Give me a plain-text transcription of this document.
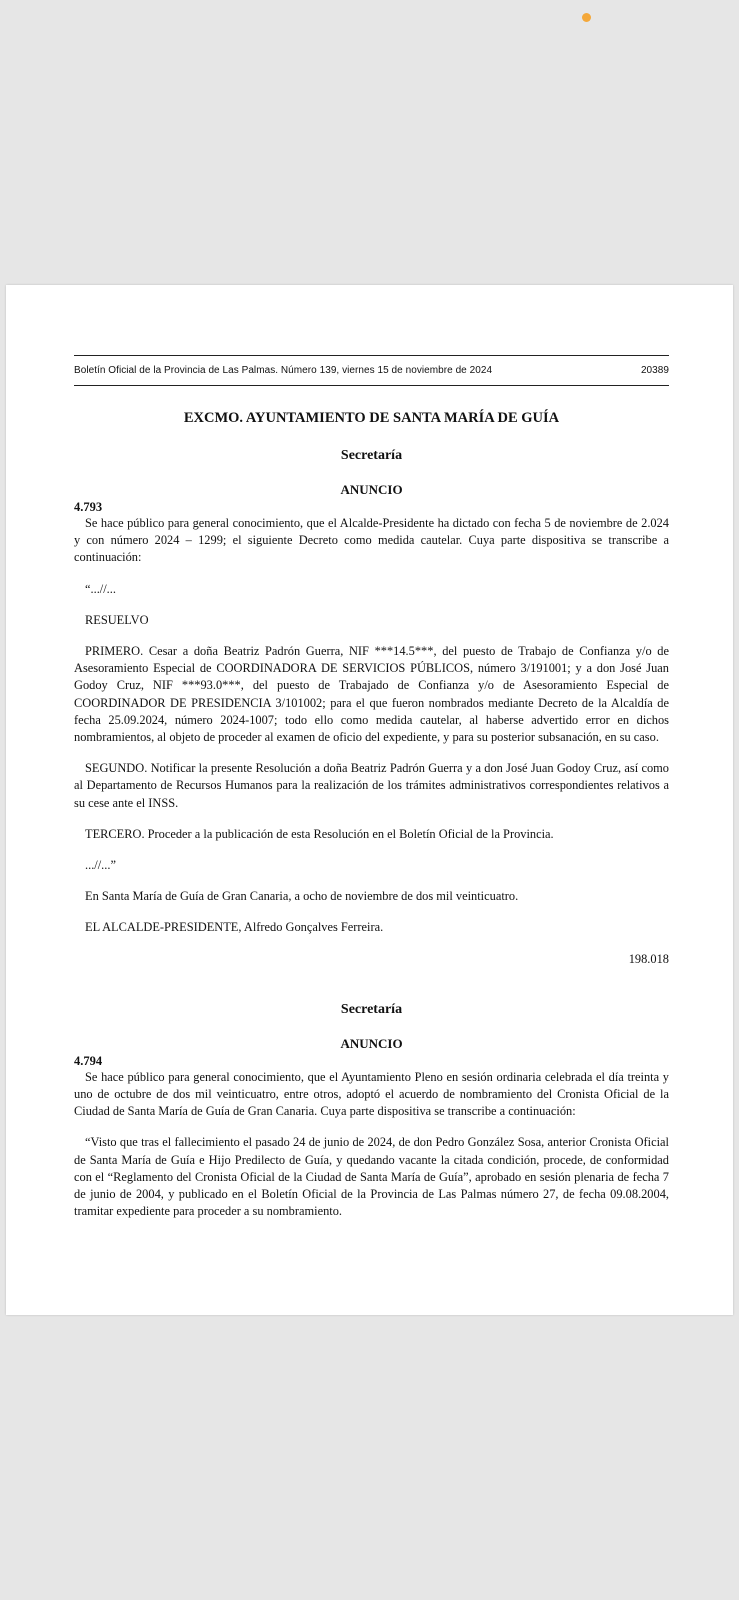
Boletín Oficial de la Provincia de Las Palmas. Número 139, viernes 15 de noviembre de 2024	20389
EXCMO. AYUNTAMIENTO DE SANTA MARÍA DE GUÍA
Secretaría
ANUNCIO
4.793

Se hace público para general conocimiento, que el Alcalde-Presidente ha dictado con fecha 5 de noviembre de 2.024 y con número 2024 – 1299; el siguiente Decreto como medida cautelar. Cuya parte dispositiva se transcribe a continuación:

“...//...

RESUELVO

PRIMERO. Cesar a doña Beatriz Padrón Guerra, NIF ***14.5***, del puesto de Trabajo de Confianza y/o de Asesoramiento Especial de COORDINADORA DE SERVICIOS PÚBLICOS, número 3/191001; y a don José Juan Godoy Cruz, NIF ***93.0***, del puesto de Trabajado de Confianza y/o de Asesoramiento Especial de COORDINADOR DE PRESIDENCIA 3/101002; para el que fueron nombrados mediante Decreto de la Alcaldía de fecha 25.09.2024, número 2024-1007; todo ello como medida cautelar, al haberse advertido error en dichos nombramientos, al objeto de proceder al examen de oficio del expediente, y para su posterior subsanación, en su caso.

SEGUNDO. Notificar la presente Resolución a doña Beatriz Padrón Guerra y a don José Juan Godoy Cruz, así como al Departamento de Recursos Humanos para la realización de los trámites administrativos correspondientes relativos a su cese ante el INSS.

TERCERO. Proceder a la publicación de esta Resolución en el Boletín Oficial de la Provincia.

...//...”

En Santa María de Guía de Gran Canaria, a ocho de noviembre de dos mil veinticuatro.

EL ALCALDE-PRESIDENTE, Alfredo Gonçalves Ferreira.

198.018
Secretaría
ANUNCIO
4.794

Se hace público para general conocimiento, que el Ayuntamiento Pleno en sesión ordinaria celebrada el día treinta y uno de octubre de dos mil veinticuatro, entre otros, adoptó el acuerdo de nombramiento del Cronista Oficial de la Ciudad de Santa María de Guía de Gran Canaria. Cuya parte dispositiva se transcribe a continuación:

“Visto que tras el fallecimiento el pasado 24 de junio de 2024, de don Pedro González Sosa, anterior Cronista Oficial de Santa María de Guía e Hijo Predilecto de Guía, y quedando vacante la citada condición, procede, de conformidad con el “Reglamento del Cronista Oficial de la Ciudad de Santa María de Guía”, aprobado en sesión plenaria de fecha 7 de junio de 2004, y publicado en el Boletín Oficial de la Provincia de Las Palmas número 27, de fecha 09.08.2004, tramitar expediente para proceder a su nombramiento.
